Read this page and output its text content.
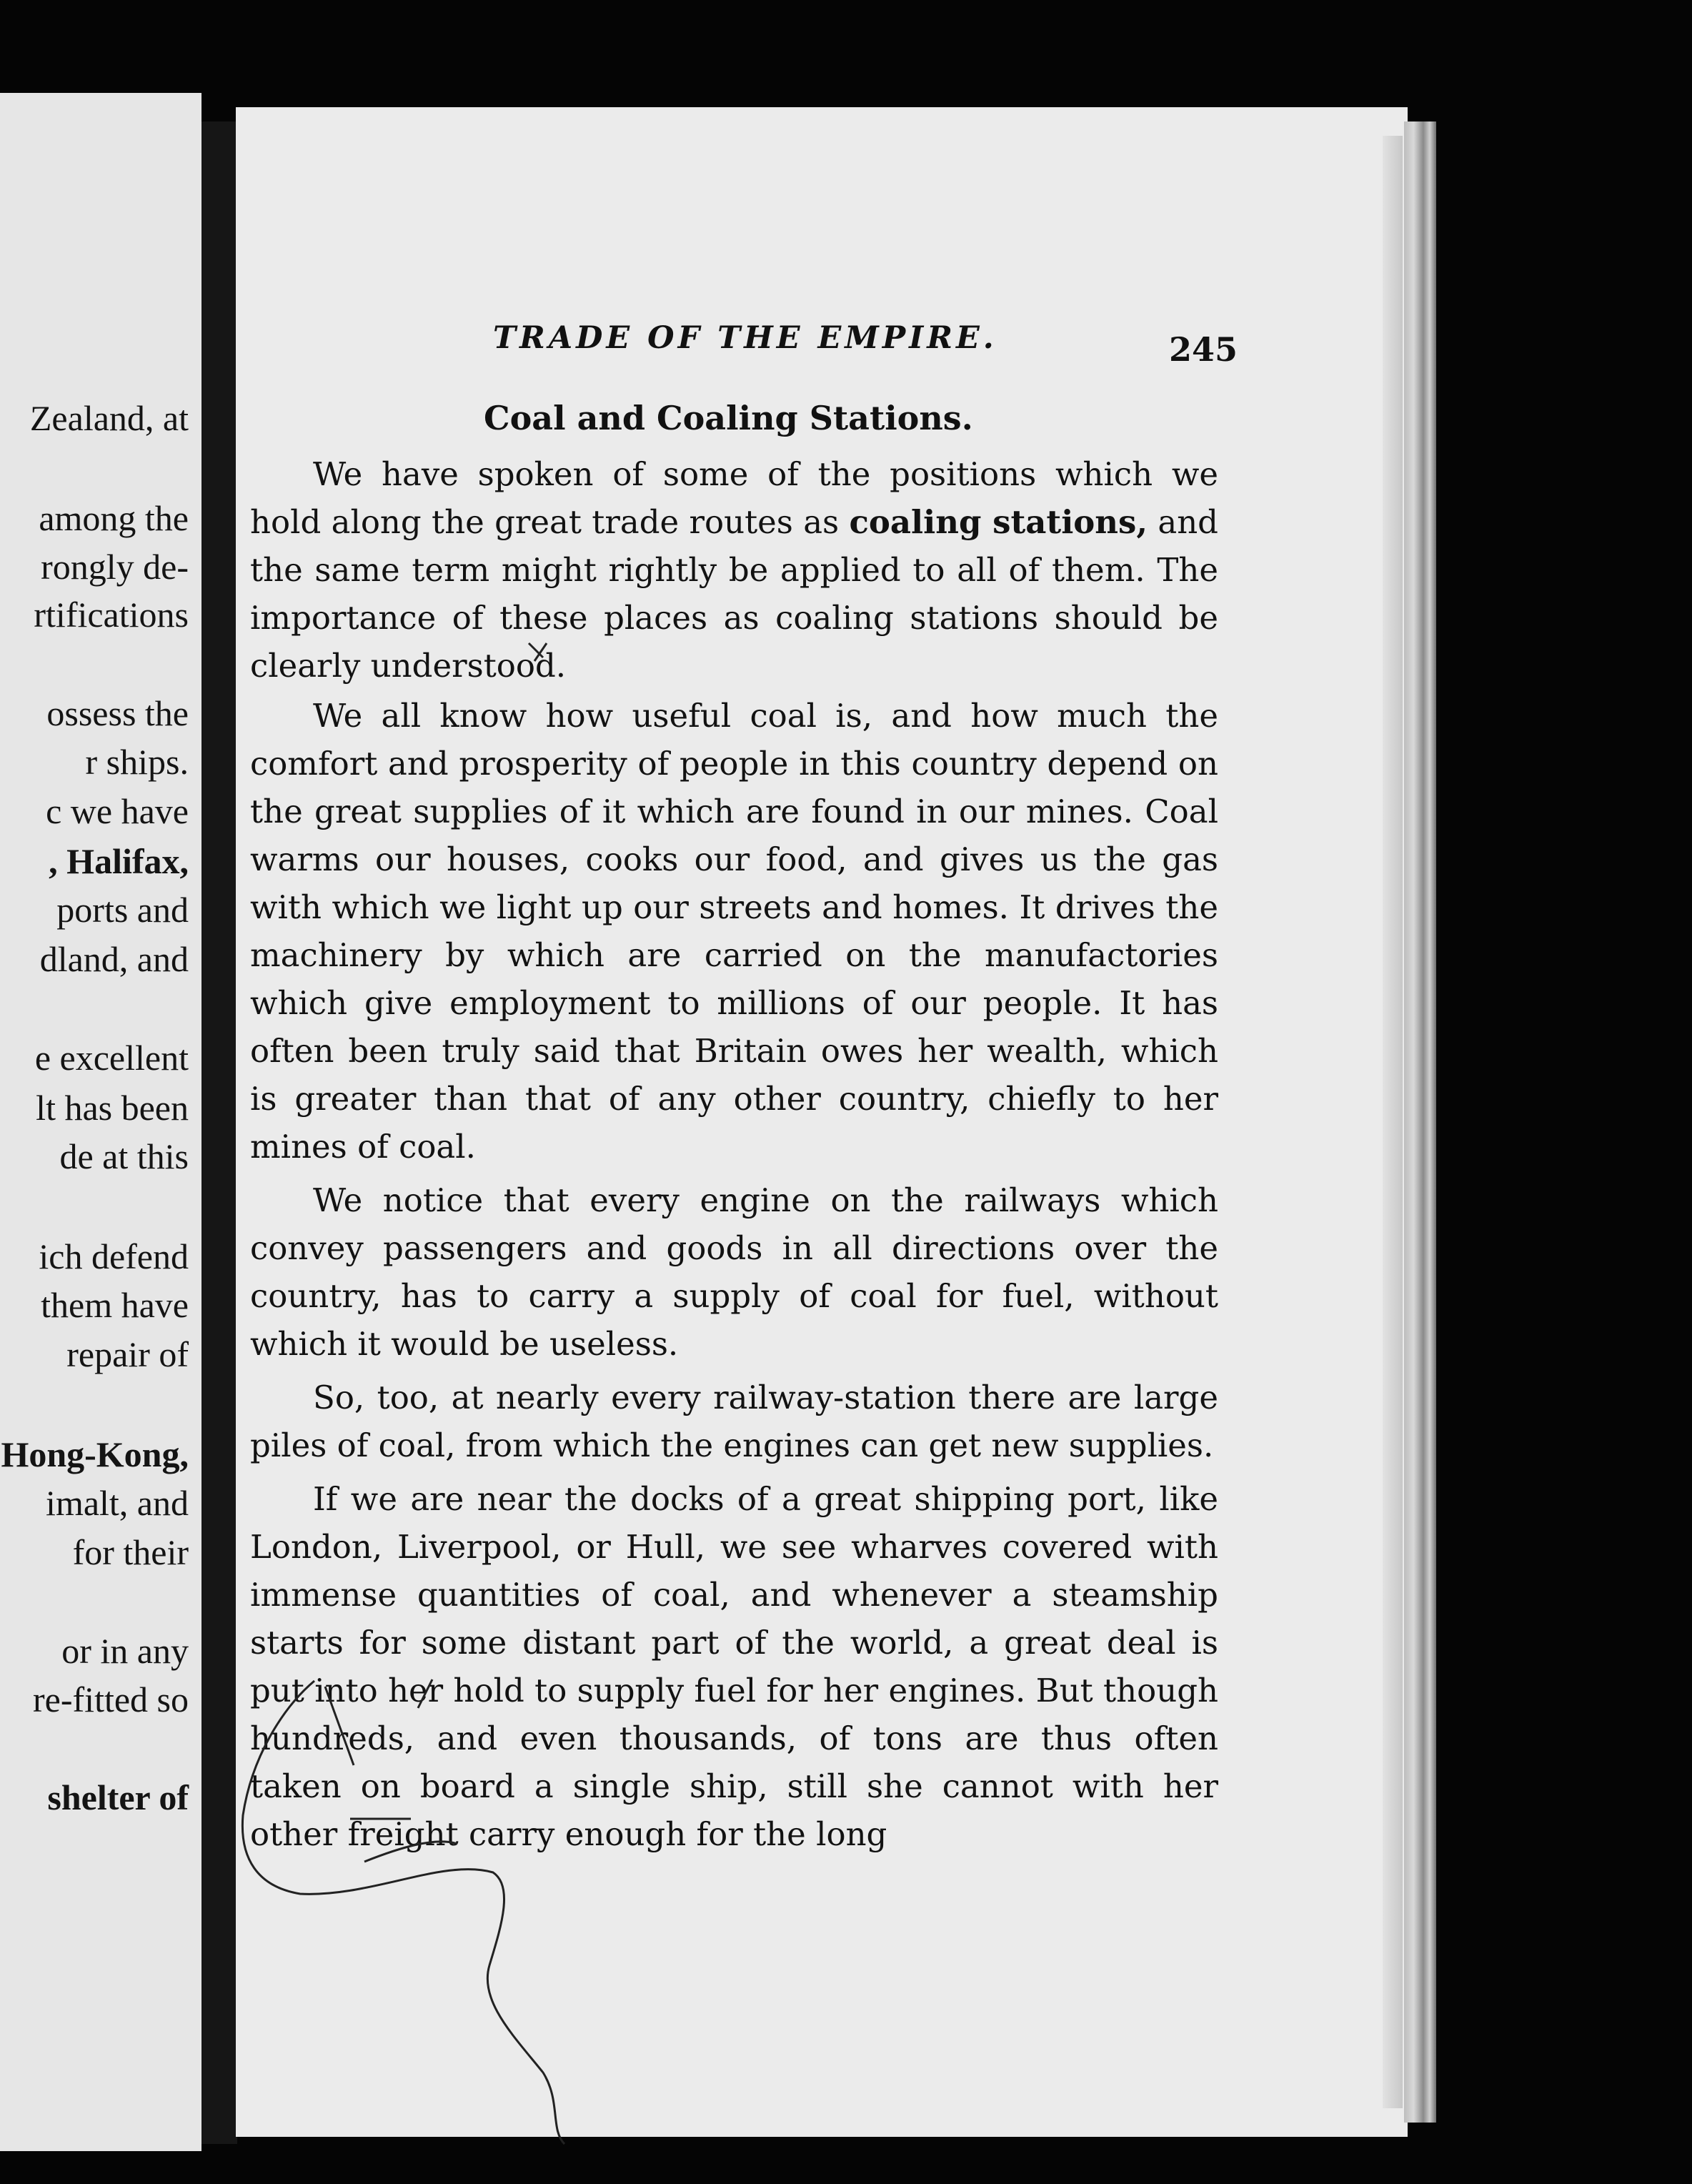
Zealand, at
among the
rongly de-
rtifications
ossess the
r ships.
c we have
, Halifax,
ports and
dland, and
e excellent
lt has been
de at this
ich defend
them have
repair of
Hong-Kong,
imalt, and
for their
or in any
re-fitted so
shelter of
TRADE OF THE EMPIRE.	245
Coal and Coaling Stations.

We have spoken of some of the positions which we hold along the great trade routes as coaling stations, and the same term might rightly be applied to all of them. The importance of these places as coaling stations should be clearly understood.

We all know how useful coal is, and how much the comfort and prosperity of people in this country depend on the great supplies of it which are found in our mines. Coal warms our houses, cooks our food, and gives us the gas with which we light up our streets and homes. It drives the machinery by which are carried on the manufactories which give employment to millions of our people. It has often been truly said that Britain owes her wealth, which is greater than that of any other country, chiefly to her mines of coal.

We notice that every engine on the railways which convey passengers and goods in all directions over the country, has to carry a supply of coal for fuel, without which it would be useless.

So, too, at nearly every railway-station there are large piles of coal, from which the engines can get new supplies.

If we are near the docks of a great shipping port, like London, Liverpool, or Hull, we see wharves covered with immense quantities of coal, and whenever a steamship starts for some distant part of the world, a great deal is put into her hold to supply fuel for her engines. But though hundreds, and even thousands, of tons are thus often taken on board a single ship, still she cannot with her other freight carry enough for the long
